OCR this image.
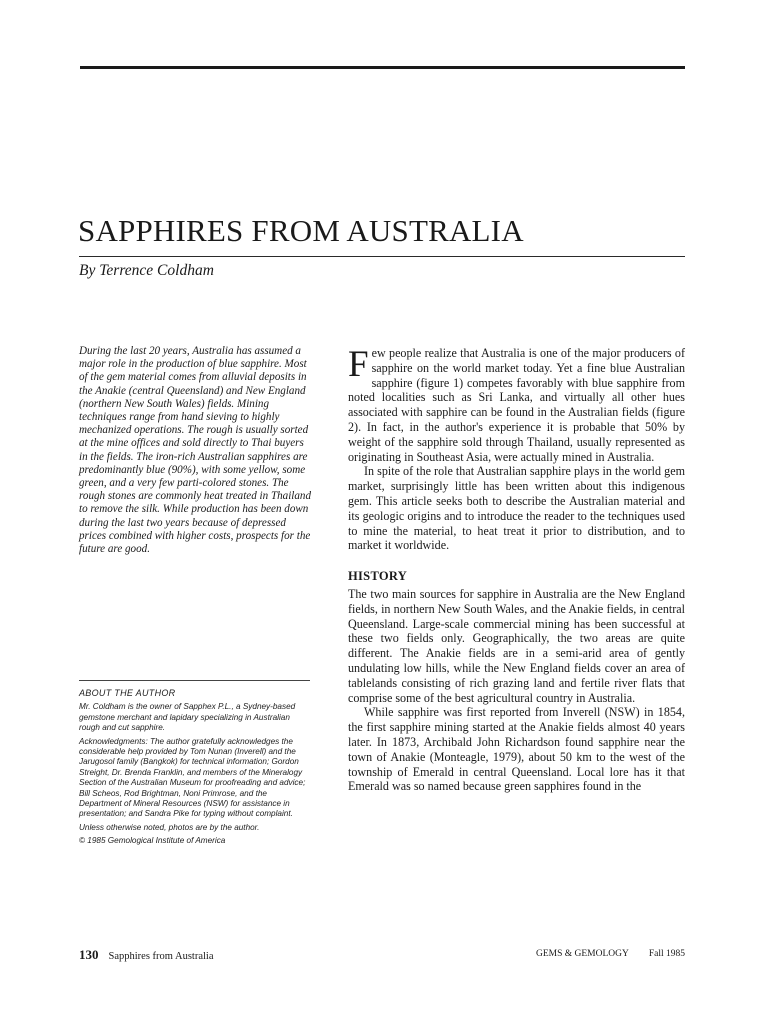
SAPPHIRES FROM AUSTRALIA
By Terrence Coldham

During the last 20 years, Australia has assumed a major role in the production of blue sapphire. Most of the gem material comes from alluvial deposits in the Anakie (central Queensland) and New England (northern New South Wales) fields. Mining techniques range from hand sieving to highly mechanized operations. The rough is usually sorted at the mine offices and sold directly to Thai buyers in the fields. The iron-rich Australian sapphires are predominantly blue (90%), with some yellow, some green, and a very few parti-colored stones. The rough stones are commonly heat treated in Thailand to remove the silk. While production has been down during the last two years because of depressed prices combined with higher costs, prospects for the future are good.

ABOUT THE AUTHOR

Mr. Coldham is the owner of Sapphex P.L., a Sydney-based gemstone merchant and lapidary specializing in Australian rough and cut sapphire.

Acknowledgments: The author gratefully acknowledges the considerable help provided by Tom Nunan (Inverell) and the Jarugosol family (Bangkok) for technical information; Gordon Streight, Dr. Brenda Franklin, and members of the Mineralogy Section of the Australian Museum for proofreading and advice; Bill Scheos, Rod Brightman, Noni Primrose, and the Department of Mineral Resources (NSW) for assistance in presentation; and Sandra Pike for typing without complaint.

Unless otherwise noted, photos are by the author.

© 1985 Gemological Institute of America

Few people realize that Australia is one of the major producers of sapphire on the world market today. Yet a fine blue Australian sapphire (figure 1) competes favorably with blue sapphire from noted localities such as Sri Lanka, and virtually all other hues associated with sapphire can be found in the Australian fields (figure 2). In fact, in the author's experience it is probable that 50% by weight of the sapphire sold through Thailand, usually represented as originating in Southeast Asia, were actually mined in Australia.

In spite of the role that Australian sapphire plays in the world gem market, surprisingly little has been written about this indigenous gem. This article seeks both to describe the Australian material and its geologic origins and to introduce the reader to the techniques used to mine the material, to heat treat it prior to distribution, and to market it worldwide.

HISTORY

The two main sources for sapphire in Australia are the New England fields, in northern New South Wales, and the Anakie fields, in central Queensland. Large-scale commercial mining has been successful at these two fields only. Geographically, the two areas are quite different. The Anakie fields are in a semi-arid area of gently undulating low hills, while the New England fields cover an area of tablelands consisting of rich grazing land and fertile river flats that comprise some of the best agricultural country in Australia.

While sapphire was first reported from Inverell (NSW) in 1854, the first sapphire mining started at the Anakie fields almost 40 years later. In 1873, Archibald John Richardson found sapphire near the town of Anakie (Monteagle, 1979), about 50 km to the west of the township of Emerald in central Queensland. Local lore has it that Emerald was so named because green sapphires found in the

130 Sapphires from Australia	GEMS & GEMOLOGY Fall 1985
